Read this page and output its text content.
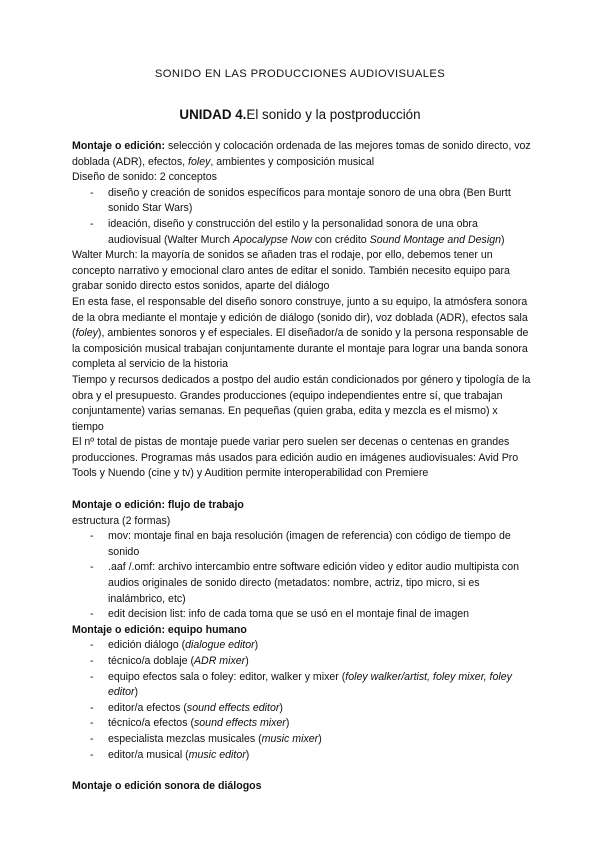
SONIDO EN LAS PRODUCCIONES AUDIOVISUALES
UNIDAD 4.El sonido y la postproducción

Montaje o edición: selección y colocación ordenada de las mejores tomas de sonido directo, voz doblada (ADR), efectos, foley, ambientes y composición musical

Diseño de sonido: 2 conceptos

- diseño y creación de sonidos específicos para montaje sonoro de una obra (Ben Burtt sonido Star Wars)
- ideación, diseño y construcción del estilo y la personalidad sonora de una obra audiovisual (Walter Murch Apocalypse Now con crédito Sound Montage and Design)

Walter Murch: la mayoría de sonidos se añaden tras el rodaje, por ello, debemos tener un concepto narrativo y emocional claro antes de editar el sonido. También necesito equipo para grabar sonido directo estos sonidos, aparte del diálogo

En esta fase, el responsable del diseño sonoro construye, junto a su equipo, la atmósfera sonora de la obra mediante el montaje y edición de diálogo (sonido dir), voz doblada (ADR), efectos sala (foley), ambientes sonoros y ef especiales. El diseñador/a de sonido y la persona responsable de la composición musical trabajan conjuntamente durante el montaje para lograr una banda sonora completa al servicio de la historia

Tiempo y recursos dedicados a postpo del audio están condicionados por género y tipología de la obra y el presupuesto. Grandes producciones (equipo independientes entre sí, que trabajan conjuntamente) varias semanas. En pequeñas (quien graba, edita y mezcla es el mismo) x tiempo

El nº total de pistas de montaje puede variar pero suelen ser decenas o centenas en grandes producciones. Programas más usados para edición audio en imágenes audiovisuales: Avid Pro Tools y Nuendo (cine y tv) y Audition permite interoperabilidad con Premiere

Montaje o edición: flujo de trabajo

estructura (2 formas)

- mov: montaje final en baja resolución (imagen de referencia) con código de tiempo de sonido
- .aaf /.omf: archivo intercambio entre software edición video y editor audio multipista con audios originales de sonido directo (metadatos: nombre, actriz, tipo micro, si es inalámbrico, etc)
- edit decision list: info de cada toma que se usó en el montaje final de imagen

Montaje o edición: equipo humano

- edición diálogo (dialogue editor)
- técnico/a doblaje (ADR mixer)
- equipo efectos sala o foley: editor, walker y mixer (foley walker/artist, foley mixer, foley editor)
- editor/a efectos (sound effects editor)
- técnico/a efectos (sound effects mixer)
- especialista mezclas musicales (music mixer)
- editor/a musical (music editor)

Montaje o edición sonora de diálogos
